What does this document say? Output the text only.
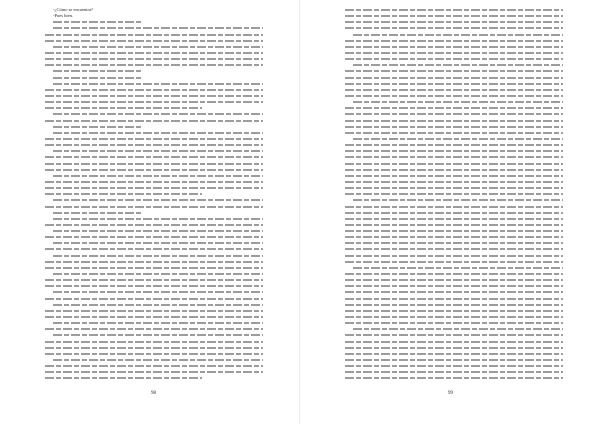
-¿Cómo se encuentra?
-Pues bien.
98	99
